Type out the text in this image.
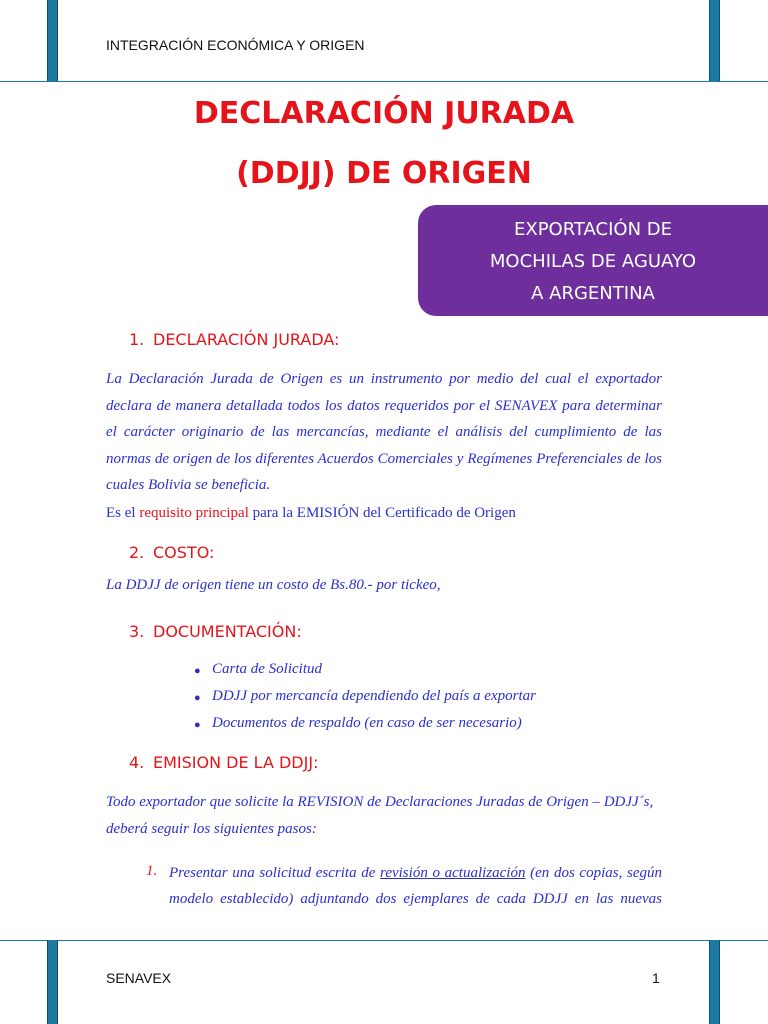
INTEGRACIÓN ECONÓMICA Y ORIGEN
DECLARACIÓN JURADA
(DDJJ) DE ORIGEN
EXPORTACIÓN DE
MOCHILAS DE AGUAYO
A ARGENTINA
1. DECLARACIÓN JURADA:
La Declaración Jurada de Origen es un instrumento por medio del cual el exportador
declara de manera detallada todos los datos requeridos por el SENAVEX para determinar
el carácter originario de las mercancías, mediante el análisis del cumplimiento de las
normas de origen de los diferentes Acuerdos Comerciales y Regímenes Preferenciales de los
cuales Bolivia se beneficia.
Es el requisito principal para la EMISIÓN del Certificado de Origen
2. COSTO:
La DDJJ de origen tiene un costo de Bs.80.- por tickeo,
3. DOCUMENTACIÓN:
● Carta de Solicitud
● DDJJ por mercancía dependiendo del país a exportar
● Documentos de respaldo (en caso de ser necesario)
4. EMISION DE LA DDJJ:
Todo exportador que solicite la REVISION de Declaraciones Juradas de Origen – DDJJ´s,
deberá seguir los siguientes pasos:
1. Presentar una solicitud escrita de revisión o actualización (en dos copias, según
modelo establecido) adjuntando dos ejemplares de cada DDJJ en las nuevas
SENAVEX	1
